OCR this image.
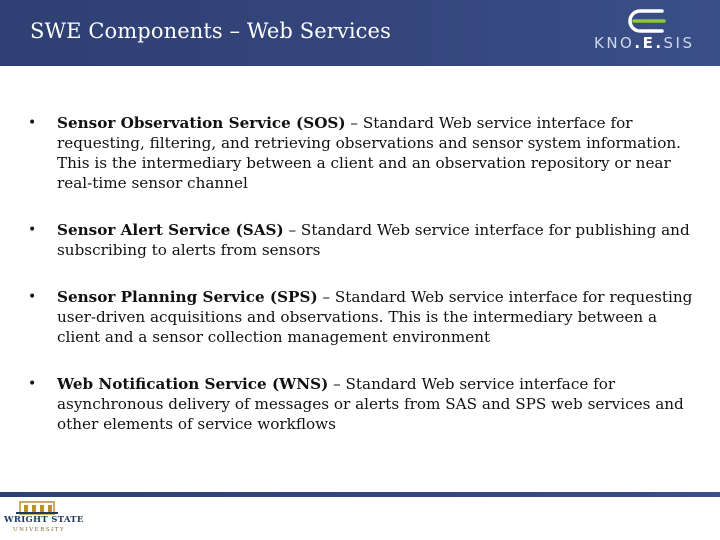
SWE Components – Web Services	KNO.E.SIS
• Sensor Observation Service (SOS) – Standard Web service interface for requesting, filtering, and retrieving observations and sensor system information. This is the intermediary between a client and an observation repository or near real-time sensor channel
• Sensor Alert Service (SAS) – Standard Web service interface for publishing and subscribing to alerts from sensors
• Sensor Planning Service (SPS) – Standard Web service interface for requesting user-driven acquisitions and observations. This is the intermediary between a client and a sensor collection management environment
• Web Notification Service (WNS) – Standard Web service interface for asynchronous delivery of messages or alerts from SAS and SPS web services and other elements of service workflows
WRIGHT STATE
UNIVERSITY
